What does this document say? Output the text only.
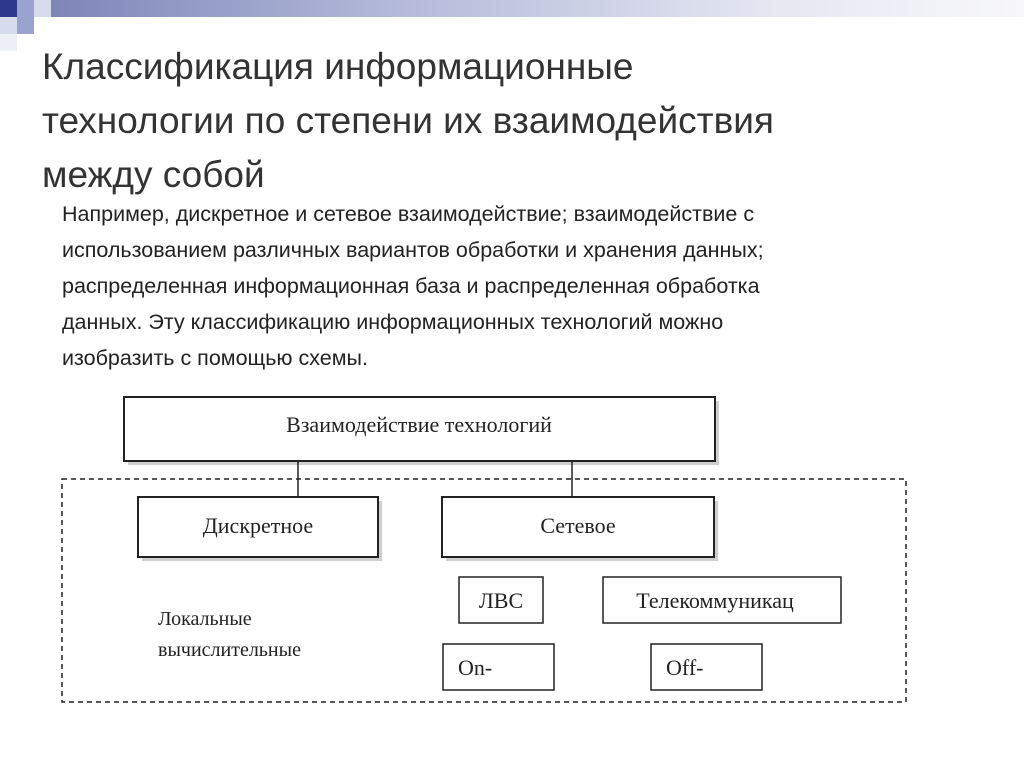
Классификация информационные
технологии по степени их взаимодействия
между собой
Например, дискретное и сетевое взаимодействие; взаимодействие с
использованием различных вариантов обработки и хранения данных;
распределенная информационная база и распределенная обработка
данных. Эту классификацию информационных технологий можно
изобразить с помощью схемы.
Взаимодействие технологий
Дискретное	Сетевое
ЛВС	Телекоммуникац
Локальные
вычислительные
On-	Off-
